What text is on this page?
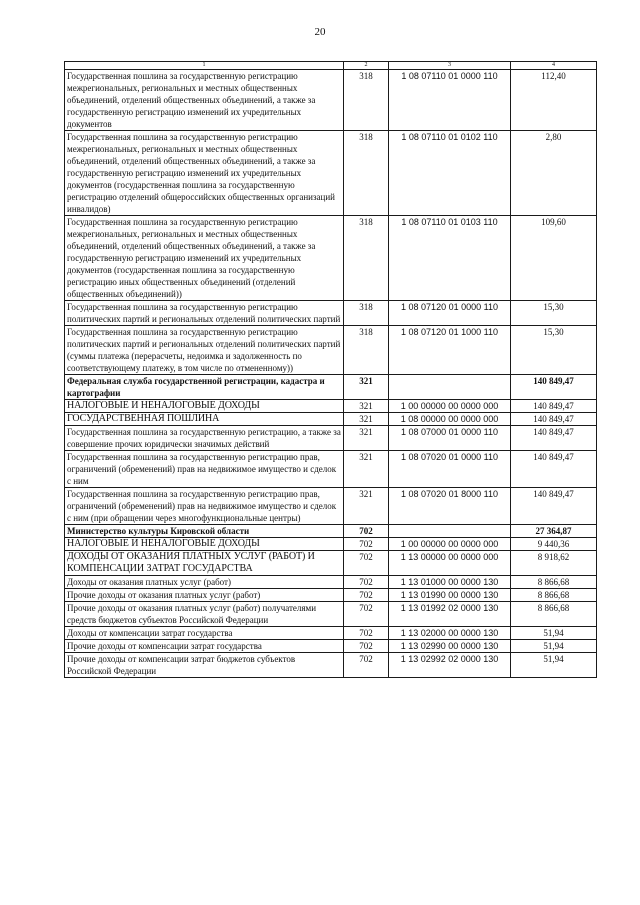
20
1	2	3	4
Государственная пошлина за государственную регистрацию межрегиональных, региональных и местных общественных объединений, отделений общественных объединений, а также за государственную регистрацию изменений их учредительных документов	318	1 08 07110 01 0000 110	112,40
Государственная пошлина за государственную регистрацию межрегиональных, региональных и местных общественных объединений, отделений общественных объединений, а также за государственную регистрацию изменений их учредительных документов (государственная пошлина за государственную регистрацию отделений общероссийских общественных организаций инвалидов)	318	1 08 07110 01 0102 110	2,80
Государственная пошлина за государственную регистрацию межрегиональных, региональных и местных общественных объединений, отделений общественных объединений, а также за государственную регистрацию изменений их учредительных документов (государственная пошлина за государственную регистрацию иных общественных объединений (отделений общественных объединений))	318	1 08 07110 01 0103 110	109,60
Государственная пошлина за государственную регистрацию политических партий и региональных отделений политических партий	318	1 08 07120 01 0000 110	15,30
Государственная пошлина за государственную регистрацию политических партий и региональных отделений политических партий (суммы платежа (перерасчеты, недоимка и задолженность по соответствующему платежу, в том числе по отмененному))	318	1 08 07120 01 1000 110	15,30
Федеральная служба государственной регистрации, кадастра и картографии	321		140 849,47
НАЛОГОВЫЕ И НЕНАЛОГОВЫЕ ДОХОДЫ	321	1 00 00000 00 0000 000	140 849,47
ГОСУДАРСТВЕННАЯ ПОШЛИНА	321	1 08 00000 00 0000 000	140 849,47
Государственная пошлина за государственную регистрацию, а также за совершение прочих юридически значимых действий	321	1 08 07000 01 0000 110	140 849,47
Государственная пошлина за государственную регистрацию прав, ограничений (обременений) прав на недвижимое имущество и сделок с ним	321	1 08 07020 01 0000 110	140 849,47
Государственная пошлина за государственную регистрацию прав, ограничений (обременений) прав на недвижимое имущество и сделок с ним (при обращении через многофункциональные центры)	321	1 08 07020 01 8000 110	140 849,47
Министерство культуры Кировской области	702		27 364,87
НАЛОГОВЫЕ И НЕНАЛОГОВЫЕ ДОХОДЫ	702	1 00 00000 00 0000 000	9 440,36
ДОХОДЫ ОТ ОКАЗАНИЯ ПЛАТНЫХ УСЛУГ (РАБОТ) И КОМПЕНСАЦИИ ЗАТРАТ ГОСУДАРСТВА	702	1 13 00000 00 0000 000	8 918,62
Доходы от оказания платных услуг (работ)	702	1 13 01000 00 0000 130	8 866,68
Прочие доходы от оказания платных услуг (работ)	702	1 13 01990 00 0000 130	8 866,68
Прочие доходы от оказания платных услуг (работ) получателями средств бюджетов субъектов Российской Федерации	702	1 13 01992 02 0000 130	8 866,68
Доходы от компенсации затрат государства	702	1 13 02000 00 0000 130	51,94
Прочие доходы от компенсации затрат государства	702	1 13 02990 00 0000 130	51,94
Прочие доходы от компенсации затрат бюджетов субъектов Российской Федерации	702	1 13 02992 02 0000 130	51,94
